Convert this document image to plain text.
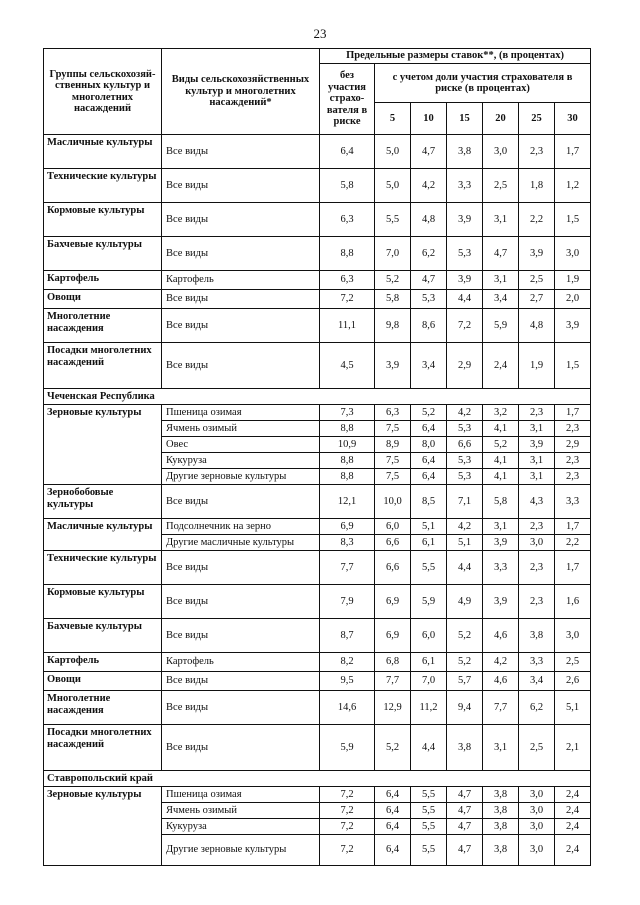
23
Группы сельскохозяй-ственных культур и многолетних насаждений	Виды сельскохозяйственных культур и многолетних насаждений*	Предельные размеры ставок**, (в процентах)						
		без участия страхо-вателя в риске	с учетом доли участия страхователя в риске (в процентах)					
			5	10	15	20	25	30
Масличные культуры	Все виды	6,4	5,0	4,7	3,8	3,0	2,3	1,7
Технические культуры	Все виды	5,8	5,0	4,2	3,3	2,5	1,8	1,2
Кормовые культуры	Все виды	6,3	5,5	4,8	3,9	3,1	2,2	1,5
Бахчевые культуры	Все виды	8,8	7,0	6,2	5,3	4,7	3,9	3,0
Картофель	Картофель	6,3	5,2	4,7	3,9	3,1	2,5	1,9
Овощи	Все виды	7,2	5,8	5,3	4,4	3,4	2,7	2,0
Многолетние насаждения	Все виды	11,1	9,8	8,6	7,2	5,9	4,8	3,9
Посадки многолетних насаждений	Все виды	4,5	3,9	3,4	2,9	2,4	1,9	1,5
Чеченская Республика								
Зерновые культуры	Пшеница озимая	7,3	6,3	5,2	4,2	3,2	2,3	1,7
	Ячмень озимый	8,8	7,5	6,4	5,3	4,1	3,1	2,3
	Овес	10,9	8,9	8,0	6,6	5,2	3,9	2,9
	Кукуруза	8,8	7,5	6,4	5,3	4,1	3,1	2,3
	Другие зерновые культуры	8,8	7,5	6,4	5,3	4,1	3,1	2,3
Зернобобовые культуры	Все виды	12,1	10,0	8,5	7,1	5,8	4,3	3,3
Масличные культуры	Подсолнечник на зерно	6,9	6,0	5,1	4,2	3,1	2,3	1,7
	Другие масличные культуры	8,3	6,6	6,1	5,1	3,9	3,0	2,2
Технические культуры	Все виды	7,7	6,6	5,5	4,4	3,3	2,3	1,7
Кормовые культуры	Все виды	7,9	6,9	5,9	4,9	3,9	2,3	1,6
Бахчевые культуры	Все виды	8,7	6,9	6,0	5,2	4,6	3,8	3,0
Картофель	Картофель	8,2	6,8	6,1	5,2	4,2	3,3	2,5
Овощи	Все виды	9,5	7,7	7,0	5,7	4,6	3,4	2,6
Многолетние насаждения	Все виды	14,6	12,9	11,2	9,4	7,7	6,2	5,1
Посадки многолетних насаждений	Все виды	5,9	5,2	4,4	3,8	3,1	2,5	2,1
Ставропольский край								
Зерновые культуры	Пшеница озимая	7,2	6,4	5,5	4,7	3,8	3,0	2,4
	Ячмень озимый	7,2	6,4	5,5	4,7	3,8	3,0	2,4
	Кукуруза	7,2	6,4	5,5	4,7	3,8	3,0	2,4
	Другие зерновые культуры	7,2	6,4	5,5	4,7	3,8	3,0	2,4
